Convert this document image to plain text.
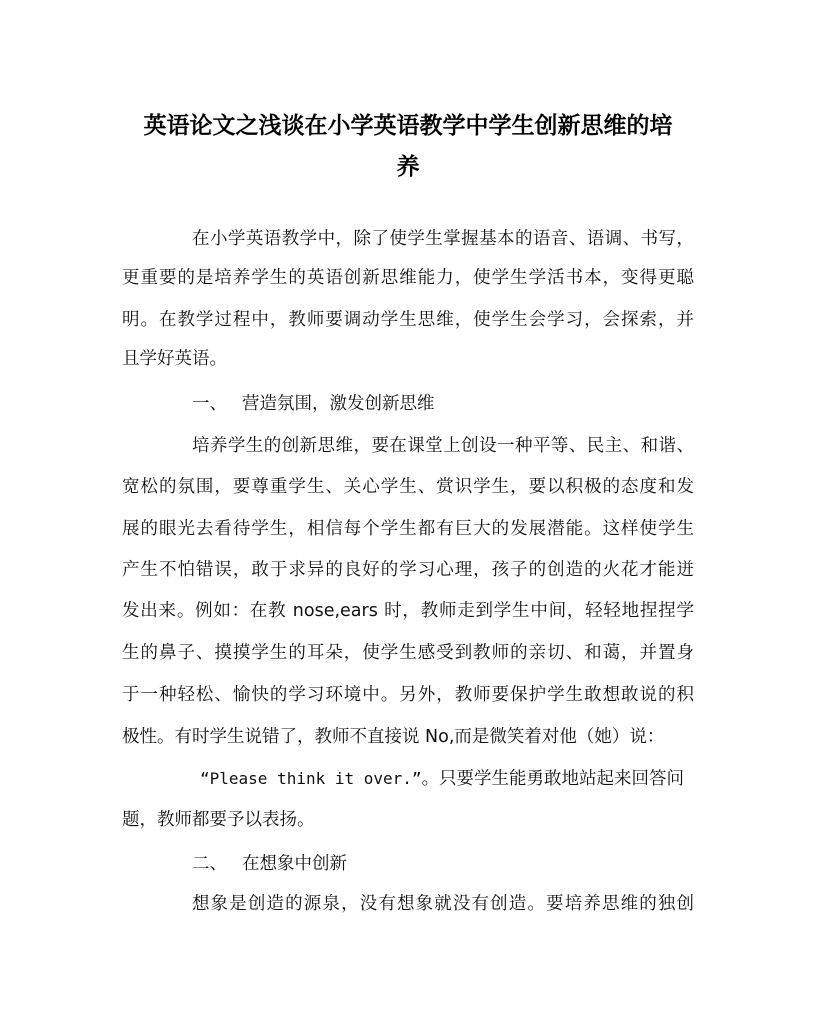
英语论文之浅谈在小学英语教学中学生创新思维的培
养
在小学英语教学中，除了使学生掌握基本的语音、语调、书写，
更重要的是培养学生的英语创新思维能力，使学生学活书本，变得更聪
明。在教学过程中，教师要调动学生思维，使学生会学习，会探索，并
且学好英语。
一、 营造氛围，激发创新思维
培养学生的创新思维，要在课堂上创设一种平等、民主、和谐、
宽松的氛围，要尊重学生、关心学生、赏识学生，要以积极的态度和发
展的眼光去看待学生，相信每个学生都有巨大的发展潜能。这样使学生
产生不怕错误，敢于求异的良好的学习心理，孩子的创造的火花才能迸
发出来。例如：在教 nose,ears 时，教师走到学生中间，轻轻地捏捏学
生的鼻子、摸摸学生的耳朵，使学生感受到教师的亲切、和蔼，并置身
于一种轻松、愉快的学习环境中。另外，教师要保护学生敢想敢说的积
极性。有时学生说错了，教师不直接说 No,而是微笑着对他（她）说：
“Please think it over.”。只要学生能勇敢地站起来回答问
题，教师都要予以表扬。
二、 在想象中创新
想象是创造的源泉，没有想象就没有创造。要培养思维的独创
